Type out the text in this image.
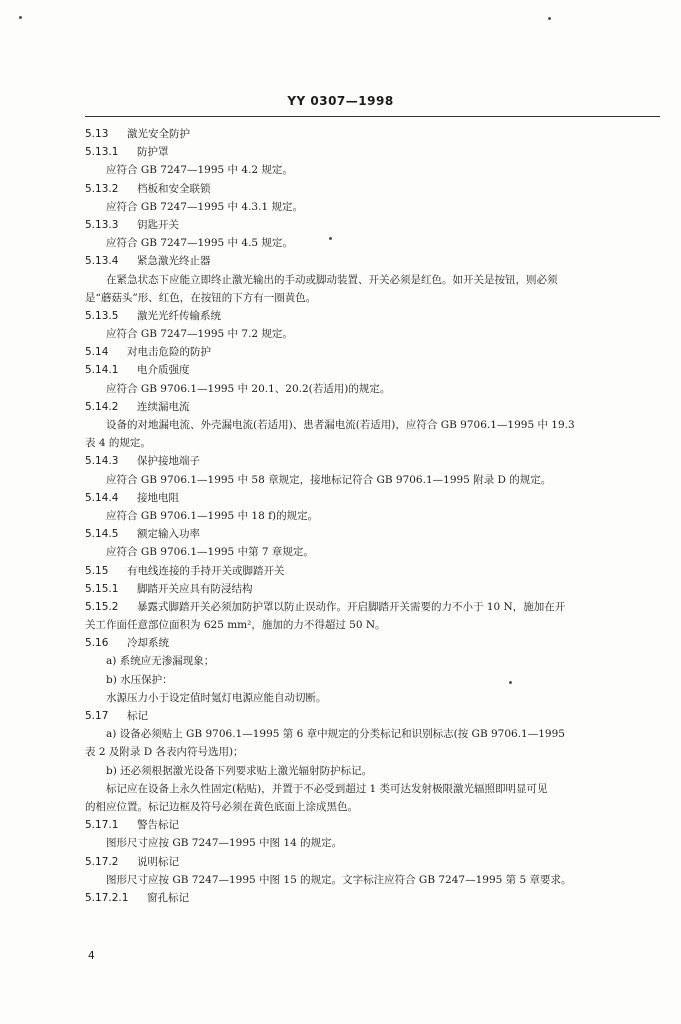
YY 0307—1998
5.13 激光安全防护
5.13.1 防护罩
应符合 GB 7247—1995 中 4.2 规定。
5.13.2 档板和安全联锁
应符合 GB 7247—1995 中 4.3.1 规定。
5.13.3 钥匙开关
应符合 GB 7247—1995 中 4.5 规定。
5.13.4 紧急激光终止器
在紧急状态下应能立即终止激光输出的手动或脚动装置、开关必须是红色。如开关是按钮，则必须
是“蘑菇头”形、红色，在按钮的下方有一圈黄色。
5.13.5 激光光纤传输系统
应符合 GB 7247—1995 中 7.2 规定。
5.14 对电击危险的防护
5.14.1 电介质强度
应符合 GB 9706.1—1995 中 20.1、20.2(若适用)的规定。
5.14.2 连续漏电流
设备的对地漏电流、外壳漏电流(若适用)、患者漏电流(若适用)，应符合 GB 9706.1—1995 中 19.3
表 4 的规定。
5.14.3 保护接地端子
应符合 GB 9706.1—1995 中 58 章规定，接地标记符合 GB 9706.1—1995 附录 D 的规定。
5.14.4 接地电阻
应符合 GB 9706.1—1995 中 18 f)的规定。
5.14.5 额定输入功率
应符合 GB 9706.1—1995 中第 7 章规定。
5.15 有电线连接的手持开关或脚踏开关
5.15.1 脚踏开关应具有防浸结构
5.15.2 暴露式脚踏开关必须加防护罩以防止误动作。开启脚踏开关需要的力不小于 10 N，施加在开
关工作面任意部位面积为 625 mm²，施加的力不得超过 50 N。
5.16 冷却系统
a) 系统应无渗漏现象；
b) 水压保护：
水源压力小于设定值时氪灯电源应能自动切断。
5.17 标记
a) 设备必须贴上 GB 9706.1—1995 第 6 章中规定的分类标记和识别标志(按 GB 9706.1—1995
表 2 及附录 D 各表内符号选用)；
b) 还必须根据激光设备下列要求贴上激光辐射防护标记。
标记应在设备上永久性固定(粘贴)，并置于不必受到超过 1 类可达发射极限激光辐照即明显可见
的相应位置。标记边框及符号必须在黄色底面上涂成黑色。
5.17.1 警告标记
图形尺寸应按 GB 7247—1995 中图 14 的规定。
5.17.2 说明标记
图形尺寸应按 GB 7247—1995 中图 15 的规定。文字标注应符合 GB 7247—1995 第 5 章要求。
5.17.2.1 窗孔标记
4
